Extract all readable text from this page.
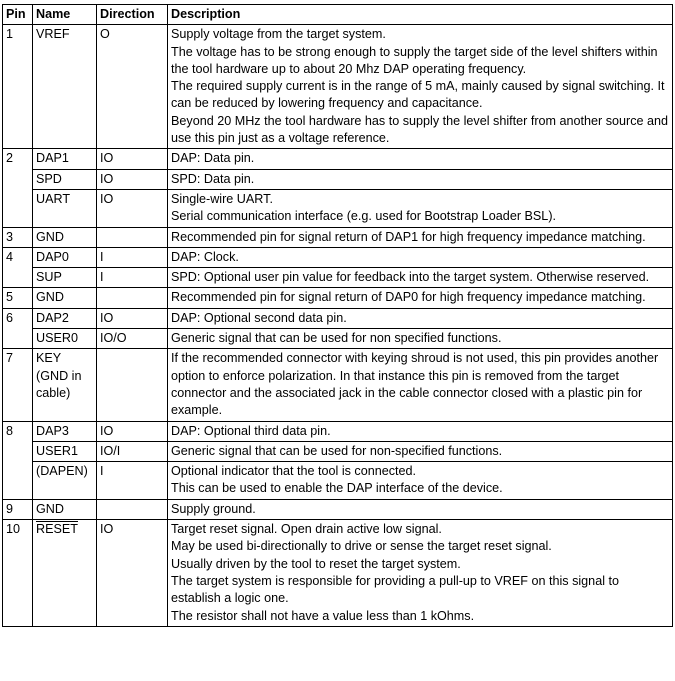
Pin	Name	Direction	Description
1	VREF	O	Supply voltage from the target system.
The voltage has to be strong enough to supply the target side of the level shifters within the tool hardware up to about 20 Mhz DAP operating frequency.
The required supply current is in the range of 5 mA, mainly caused by signal switching. It can be reduced by lowering frequency and capacitance.
Beyond 20 MHz the tool hardware has to supply the level shifter from another source and use this pin just as a voltage reference.

2	DAP1	IO	DAP: Data pin.

	SPD	IO	SPD: Data pin.

	UART	IO	Single-wire UART.
Serial communication interface (e.g. used for Bootstrap Loader BSL).

3	GND		Recommended pin for signal return of DAP1 for high frequency impedance matching.

4	DAP0	I	DAP: Clock.

	SUP	I	SPD: Optional user pin value for feedback into the target system. Otherwise reserved.

5	GND		Recommended pin for signal return of DAP0 for high frequency impedance matching.

6	DAP2	IO	DAP: Optional second data pin.

	USER0	IO/O	Generic signal that can be used for non specified functions.

7	KEY (GND in cable)		If the recommended connector with keying shroud is not used, this pin provides another option to enforce polarization. In that instance this pin is removed from the target connector and the associated jack in the cable connector closed with a plastic pin for example.

8	DAP3	IO	DAP: Optional third data pin.

	USER1	IO/I	Generic signal that can be used for non-specified functions.

	(DAPEN)	I	Optional indicator that the tool is connected.
This can be used to enable the DAP interface of the device.

9	GND		Supply ground.

10	RESET	IO	Target reset signal. Open drain active low signal.
May be used bi-directionally to drive or sense the target reset signal.
Usually driven by the tool to reset the target system.
The target system is responsible for providing a pull-up to VREF on this signal to establish a logic one.
The resistor shall not have a value less than 1 kOhms.
